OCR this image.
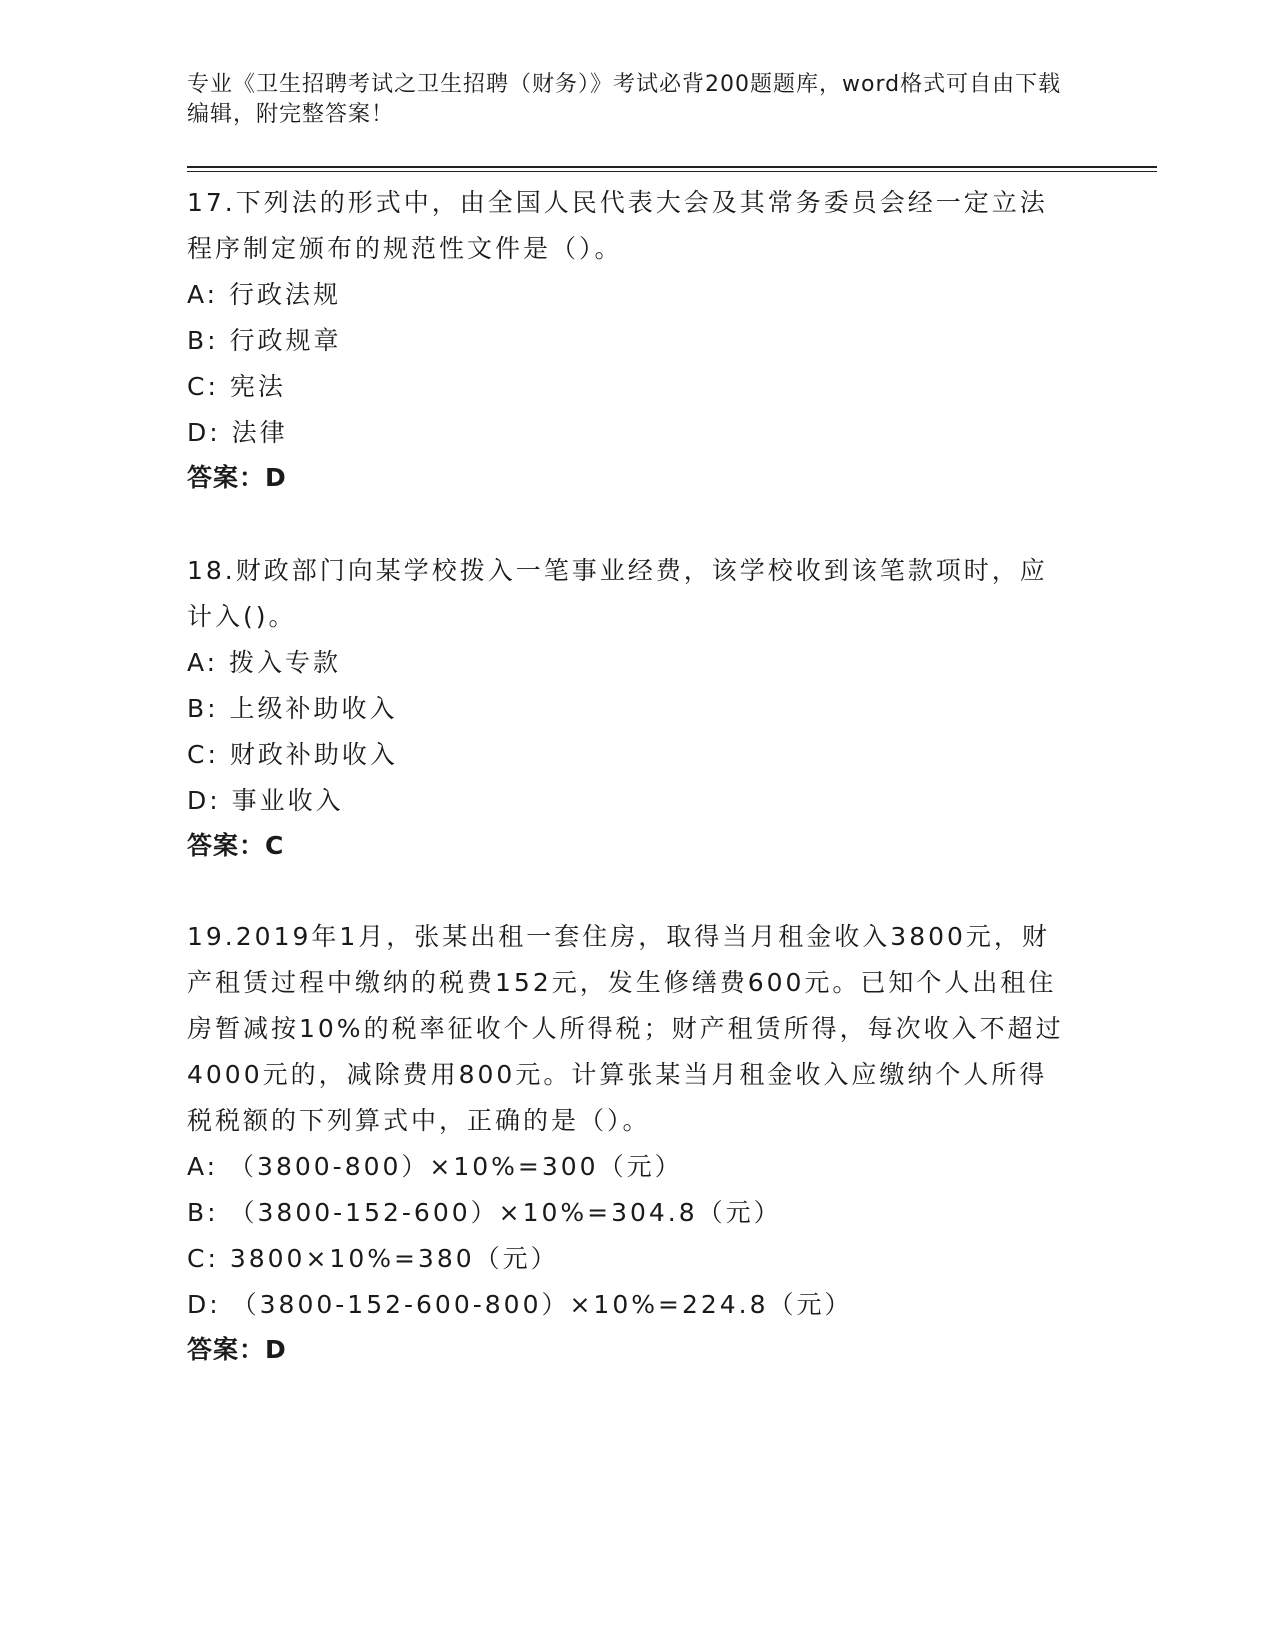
专业《卫生招聘考试之卫生招聘（财务）》考试必背200题题库，word格式可自由下载编辑，附完整答案！

17.下列法的形式中，由全国人民代表大会及其常务委员会经一定立法程序制定颁布的规范性文件是（）。

A: 行政法规
B: 行政规章
C: 宪法
D: 法律

答案：D

18.财政部门向某学校拨入一笔事业经费，该学校收到该笔款项时，应计入()。

A: 拨入专款
B: 上级补助收入
C: 财政补助收入
D: 事业收入

答案：C

19.2019年1月，张某出租一套住房，取得当月租金收入3800元，财产租赁过程中缴纳的税费152元，发生修缮费600元。已知个人出租住房暂减按10%的税率征收个人所得税；财产租赁所得，每次收入不超过4000元的，减除费用800元。计算张某当月租金收入应缴纳个人所得税税额的下列算式中，正确的是（）。

A: （3800-800）×10%=300（元）
B: （3800-152-600）×10%=304.8（元）
C: 3800×10%=380（元）
D: （3800-152-600-800）×10%=224.8（元）

答案：D
